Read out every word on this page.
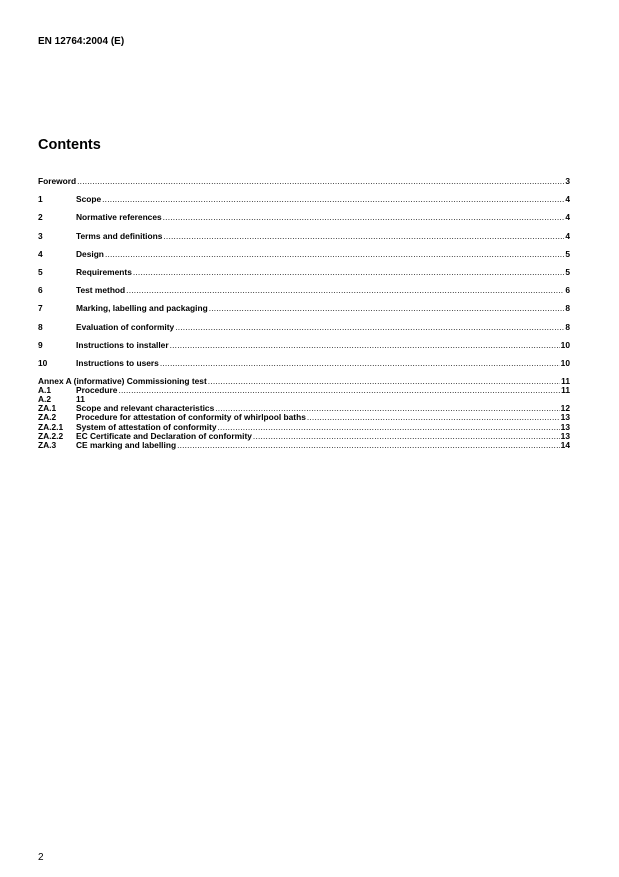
EN 12764:2004 (E)
Contents
Foreword .....	3
1	Scope .....	4
2	Normative references .....	4
3	Terms and definitions .....	4
4	Design .....	5
5	Requirements .....	5
6	Test method .....	6
7	Marking, labelling and packaging .....	8
8	Evaluation of conformity .....	8
9	Instructions to installer .....	10
10	Instructions to users .....	10
Annex A (informative) Commissioning test .....	11
A.1	Procedure .....	11
A.2	11
ZA.1	Scope and relevant characteristics .....	12
ZA.2	Procedure for attestation of conformity of whirlpool baths .....	13
ZA.2.1	System of attestation of conformity .....	13
ZA.2.2	EC Certificate and Declaration of conformity .....	13
ZA.3	CE marking and labelling .....	14
2
